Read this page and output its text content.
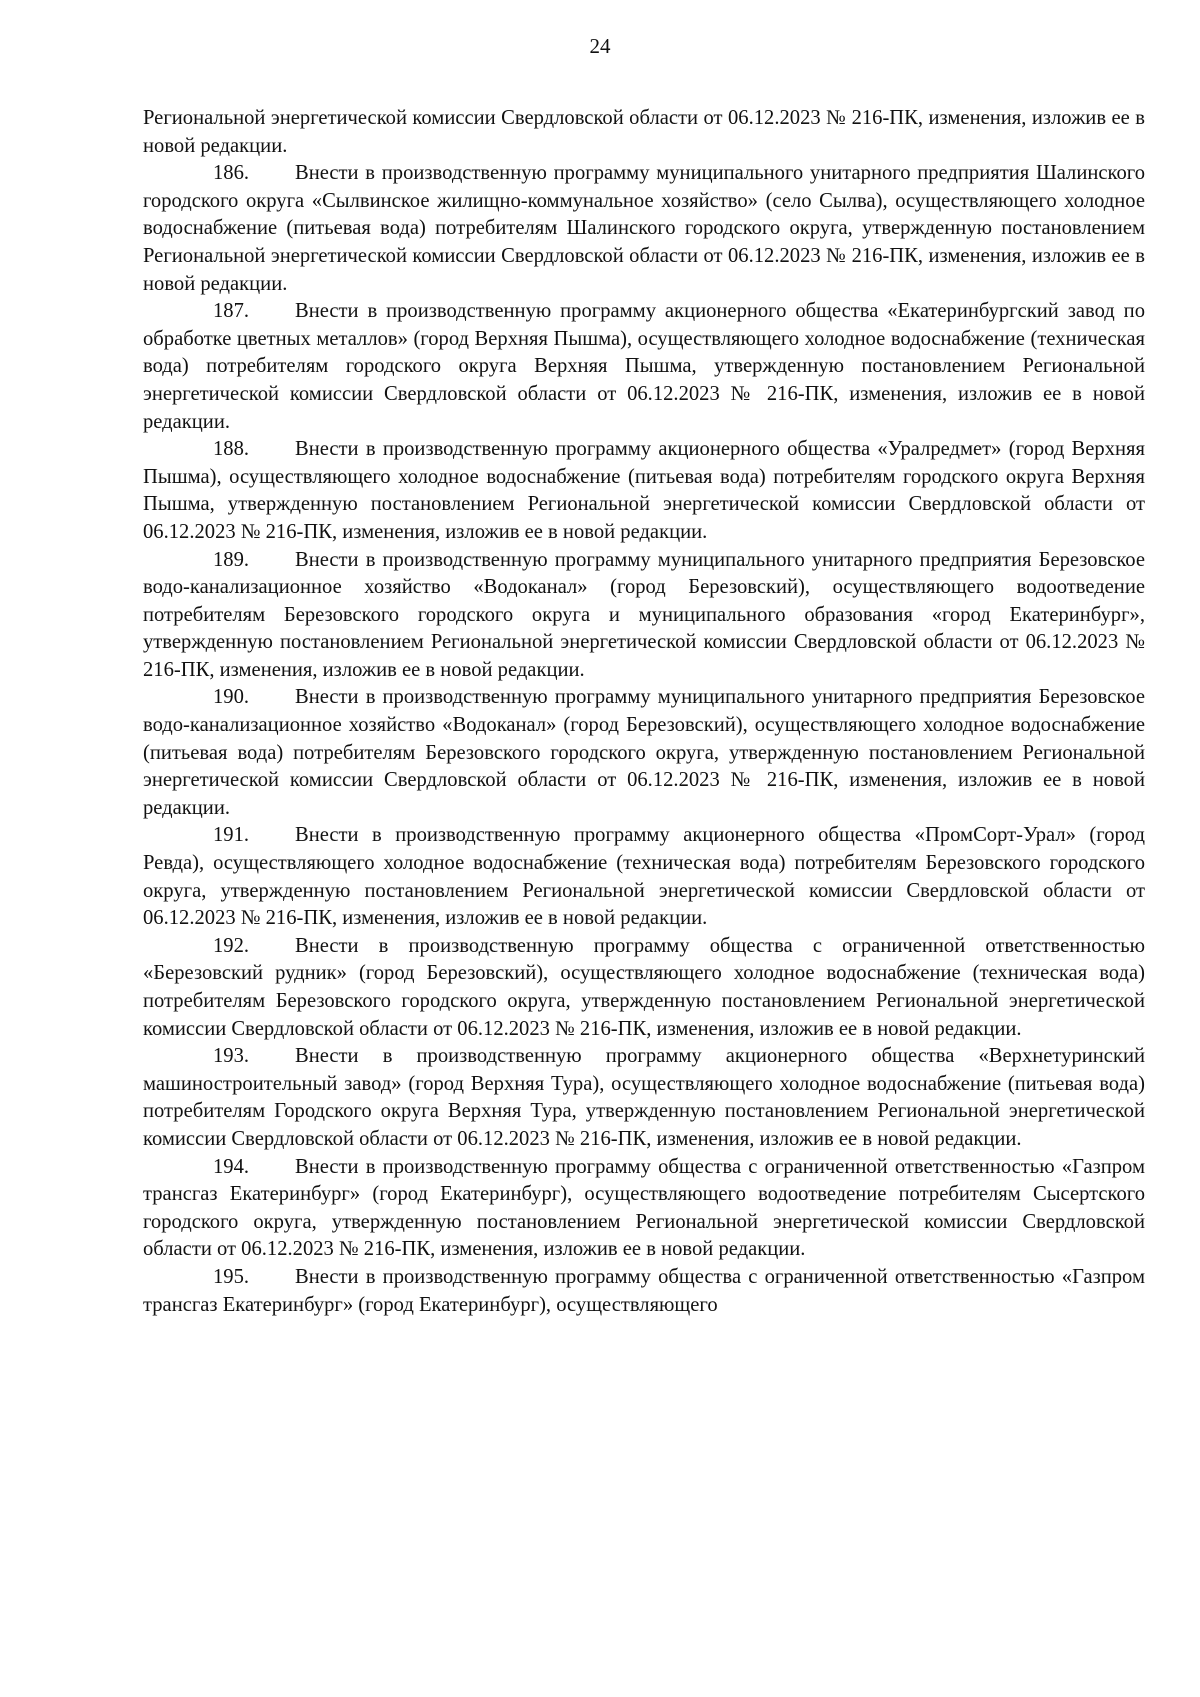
24

Региональной энергетической комиссии Свердловской области от 06.12.2023 № 216-ПК, изменения, изложив ее в новой редакции.

186. Внести в производственную программу муниципального унитарного предприятия Шалинского городского округа «Сылвинское жилищно-коммунальное хозяйство» (село Сылва), осуществляющего холодное водоснабжение (питьевая вода) потребителям Шалинского городского округа, утвержденную постановлением Региональной энергетической комиссии Свердловской области от 06.12.2023 № 216-ПК, изменения, изложив ее в новой редакции.

187. Внести в производственную программу акционерного общества «Екатеринбургский завод по обработке цветных металлов» (город Верхняя Пышма), осуществляющего холодное водоснабжение (техническая вода) потребителям городского округа Верхняя Пышма, утвержденную постановлением Региональной энергетической комиссии Свердловской области от 06.12.2023 № 216-ПК, изменения, изложив ее в новой редакции.

188. Внести в производственную программу акционерного общества «Уралредмет» (город Верхняя Пышма), осуществляющего холодное водоснабжение (питьевая вода) потребителям городского округа Верхняя Пышма, утвержденную постановлением Региональной энергетической комиссии Свердловской области от 06.12.2023 № 216-ПК, изменения, изложив ее в новой редакции.

189. Внести в производственную программу муниципального унитарного предприятия Березовское водо-канализационное хозяйство «Водоканал» (город Березовский), осуществляющего водоотведение потребителям Березовского городского округа и муниципального образования «город Екатеринбург», утвержденную постановлением Региональной энергетической комиссии Свердловской области от 06.12.2023 № 216-ПК, изменения, изложив ее в новой редакции.

190. Внести в производственную программу муниципального унитарного предприятия Березовское водо-канализационное хозяйство «Водоканал» (город Березовский), осуществляющего холодное водоснабжение (питьевая вода) потребителям Березовского городского округа, утвержденную постановлением Региональной энергетической комиссии Свердловской области от 06.12.2023 № 216-ПК, изменения, изложив ее в новой редакции.

191. Внести в производственную программу акционерного общества «ПромСорт-Урал» (город Ревда), осуществляющего холодное водоснабжение (техническая вода) потребителям Березовского городского округа, утвержденную постановлением Региональной энергетической комиссии Свердловской области от 06.12.2023 № 216-ПК, изменения, изложив ее в новой редакции.

192. Внести в производственную программу общества с ограниченной ответственностью «Березовский рудник» (город Березовский), осуществляющего холодное водоснабжение (техническая вода) потребителям Березовского городского округа, утвержденную постановлением Региональной энергетической комиссии Свердловской области от 06.12.2023 № 216-ПК, изменения, изложив ее в новой редакции.

193. Внести в производственную программу акционерного общества «Верхнетуринский машиностроительный завод» (город Верхняя Тура), осуществляющего холодное водоснабжение (питьевая вода) потребителям Городского округа Верхняя Тура, утвержденную постановлением Региональной энергетической комиссии Свердловской области от 06.12.2023 № 216-ПК, изменения, изложив ее в новой редакции.

194. Внести в производственную программу общества с ограниченной ответственностью «Газпром трансгаз Екатеринбург» (город Екатеринбург), осуществляющего водоотведение потребителям Сысертского городского округа, утвержденную постановлением Региональной энергетической комиссии Свердловской области от 06.12.2023 № 216-ПК, изменения, изложив ее в новой редакции.

195. Внести в производственную программу общества с ограниченной ответственностью «Газпром трансгаз Екатеринбург» (город Екатеринбург), осуществляющего
